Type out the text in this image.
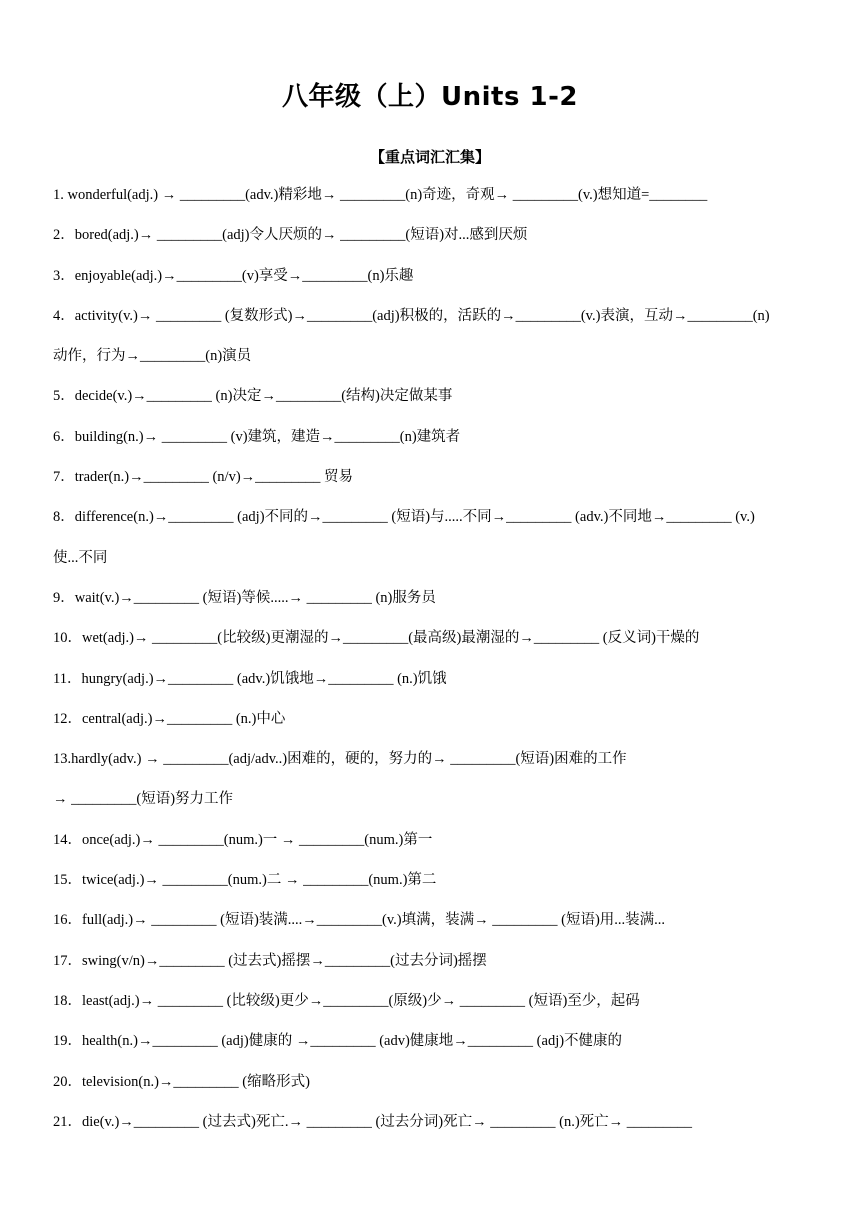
八年级（上）Units 1-2
【重点词汇汇集】
1. wonderful(adj.) → _________(adv.)精彩地→ _________(n)奇迹，奇观→ _________(v.)想知道=________
2．bored(adj.)→ _________(adj)令人厌烦的→ _________(短语)对...感到厌烦
3．enjoyable(adj.)→_________(v)享受→_________(n)乐趣
4．activity(v.)→ _________ (复数形式)→_________(adj)积极的，活跃的→_________(v.)表演，互动→_________(n)
动作，行为→_________(n)演员
5．decide(v.)→_________ (n)决定→_________(结构)决定做某事
6．building(n.)→ _________ (v)建筑，建造→_________(n)建筑者
7．trader(n.)→_________ (n/v)→_________ 贸易
8．difference(n.)→_________ (adj)不同的→_________ (短语)与.....不同→_________ (adv.)不同地→_________ (v.)
使...不同
9．wait(v.)→_________ (短语)等候.....→ _________ (n)服务员
10．wet(adj.)→ _________(比较级)更潮湿的→_________(最高级)最潮湿的→_________ (反义词)干燥的
11．hungry(adj.)→_________ (adv.)饥饿地→_________ (n.)饥饿
12．central(adj.)→_________ (n.)中心
13.hardly(adv.) → _________(adj/adv..)困难的，硬的，努力的→ _________(短语)困难的工作
→ _________(短语)努力工作
14．once(adj.)→ _________(num.)一 → _________(num.)第一
15．twice(adj.)→ _________(num.)二 → _________(num.)第二
16．full(adj.)→ _________ (短语)装满....→_________(v.)填满，装满→ _________ (短语)用...装满...
17．swing(v/n)→_________ (过去式)摇摆→_________(过去分词)摇摆
18．least(adj.)→ _________ (比较级)更少→_________(原级)少→ _________ (短语)至少，起码
19．health(n.)→_________ (adj)健康的 →_________ (adv)健康地→_________ (adj)不健康的
20．television(n.)→_________ (缩略形式)
21．die(v.)→_________ (过去式)死亡.→ _________ (过去分词)死亡→ _________ (n.)死亡→ _________
